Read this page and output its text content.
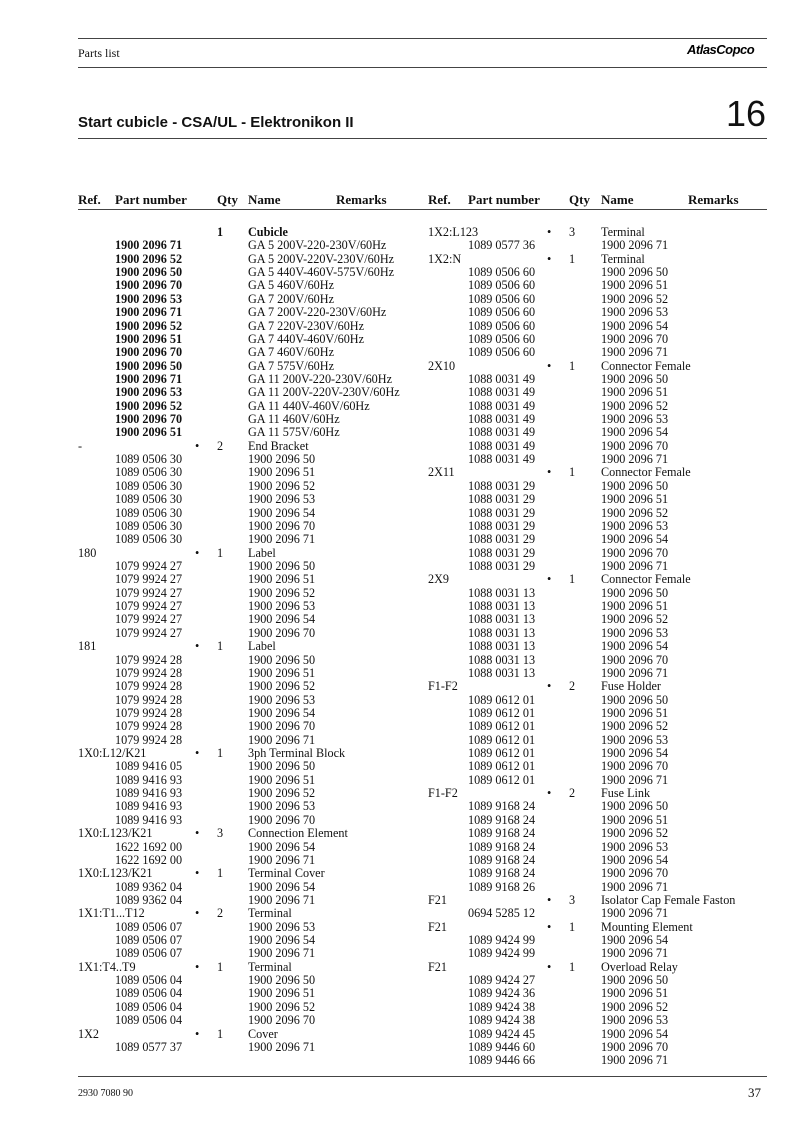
Parts list	AtlasCopco
Start cubicle - CSA/UL - Elektronikon II	16
Ref. Part number Qty Name	Remarks
1 Cubicle
1900 2096 71	GA 5 200V-220-230V/60Hz
1900 2096 52	GA 5 200V-220V-230V/60Hz
1900 2096 50	GA 5 440V-460V-575V/60Hz
1900 2096 70	GA 5 460V/60Hz
1900 2096 53	GA 7 200V/60Hz
1900 2096 71	GA 7 200V-220-230V/60Hz
1900 2096 52	GA 7 220V-230V/60Hz
1900 2096 51	GA 7 440V-460V/60Hz
1900 2096 70	GA 7 460V/60Hz
1900 2096 50	GA 7 575V/60Hz
1900 2096 71	GA 11 200V-220-230V/60Hz
1900 2096 53	GA 11 200V-220V-230V/60Hz
1900 2096 52	GA 11 440V-460V/60Hz
1900 2096 70	GA 11 460V/60Hz
1900 2096 51	GA 11 575V/60Hz
-	• 2 End Bracket
1089 0506 30	1900 2096 50
1089 0506 30	1900 2096 51
1089 0506 30	1900 2096 52
1089 0506 30	1900 2096 53
1089 0506 30	1900 2096 54
1089 0506 30	1900 2096 70
1089 0506 30	1900 2096 71
180	• 1 Label
1079 9924 27	1900 2096 50
1079 9924 27	1900 2096 51
1079 9924 27	1900 2096 52
1079 9924 27	1900 2096 53
1079 9924 27	1900 2096 54
1079 9924 27	1900 2096 70
181	• 1 Label
1079 9924 28	1900 2096 50
1079 9924 28	1900 2096 51
1079 9924 28	1900 2096 52
1079 9924 28	1900 2096 53
1079 9924 28	1900 2096 54
1079 9924 28	1900 2096 70
1079 9924 28	1900 2096 71
1X0:L12/K21	• 1 3ph Terminal Block
1089 9416 05	1900 2096 50
1089 9416 93	1900 2096 51
1089 9416 93	1900 2096 52
1089 9416 93	1900 2096 53
1089 9416 93	1900 2096 70
1X0:L123/K21	• 3 Connection Element
1622 1692 00	1900 2096 54
1622 1692 00	1900 2096 71
1X0:L123/K21	• 1 Terminal Cover
1089 9362 04	1900 2096 54
1089 9362 04	1900 2096 71
1X1:T1...T12	• 2 Terminal
1089 0506 07	1900 2096 53
1089 0506 07	1900 2096 54
1089 0506 07	1900 2096 71
1X1:T4..T9	• 1 Terminal
1089 0506 04	1900 2096 50
1089 0506 04	1900 2096 51
1089 0506 04	1900 2096 52
1089 0506 04	1900 2096 70
1X2	• 1 Cover
1089 0577 37	1900 2096 71
Ref. Part number Qty Name	Remarks
1X2:L123	• 3 Terminal
1089 0577 36	1900 2096 71
1X2:N	• 1 Terminal
1089 0506 60	1900 2096 50
1089 0506 60	1900 2096 51
1089 0506 60	1900 2096 52
1089 0506 60	1900 2096 53
1089 0506 60	1900 2096 54
1089 0506 60	1900 2096 70
1089 0506 60	1900 2096 71
2X10	• 1 Connector Female
1088 0031 49	1900 2096 50
1088 0031 49	1900 2096 51
1088 0031 49	1900 2096 52
1088 0031 49	1900 2096 53
1088 0031 49	1900 2096 54
1088 0031 49	1900 2096 70
1088 0031 49	1900 2096 71
2X11	• 1 Connector Female
1088 0031 29	1900 2096 50
1088 0031 29	1900 2096 51
1088 0031 29	1900 2096 52
1088 0031 29	1900 2096 53
1088 0031 29	1900 2096 54
1088 0031 29	1900 2096 70
1088 0031 29	1900 2096 71
2X9	• 1 Connector Female
1088 0031 13	1900 2096 50
1088 0031 13	1900 2096 51
1088 0031 13	1900 2096 52
1088 0031 13	1900 2096 53
1088 0031 13	1900 2096 54
1088 0031 13	1900 2096 70
1088 0031 13	1900 2096 71
F1-F2	• 2 Fuse Holder
1089 0612 01	1900 2096 50
1089 0612 01	1900 2096 51
1089 0612 01	1900 2096 52
1089 0612 01	1900 2096 53
1089 0612 01	1900 2096 54
1089 0612 01	1900 2096 70
1089 0612 01	1900 2096 71
F1-F2	• 2 Fuse Link
1089 9168 24	1900 2096 50
1089 9168 24	1900 2096 51
1089 9168 24	1900 2096 52
1089 9168 24	1900 2096 53
1089 9168 24	1900 2096 54
1089 9168 24	1900 2096 70
1089 9168 26	1900 2096 71
F21	• 3 Isolator Cap Female Faston
0694 5285 12	1900 2096 71
F21	• 1 Mounting Element
1089 9424 99	1900 2096 54
1089 9424 99	1900 2096 71
F21	• 1 Overload Relay
1089 9424 27	1900 2096 50
1089 9424 36	1900 2096 51
1089 9424 38	1900 2096 52
1089 9424 38	1900 2096 53
1089 9424 45	1900 2096 54
1089 9446 60	1900 2096 70
1089 9446 66	1900 2096 71
2930 7080 90	37
